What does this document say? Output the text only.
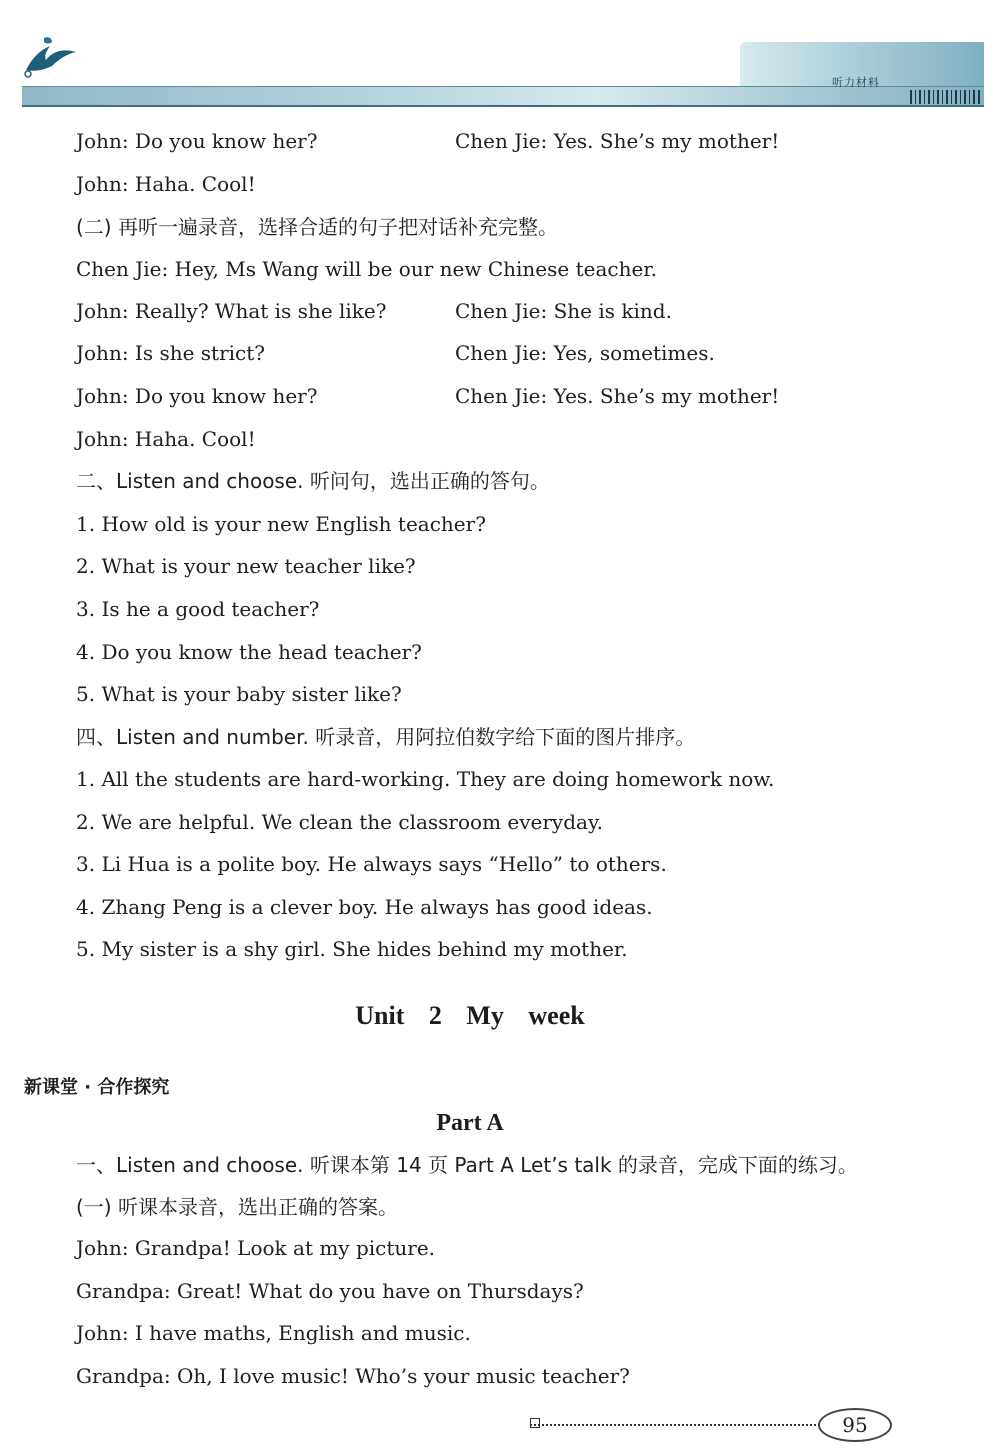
听力材料
John: Do you know her?	Chen Jie: Yes. She’s my mother!
John: Haha. Cool!
(二) 再听一遍录音，选择合适的句子把对话补充完整。
Chen Jie: Hey, Ms Wang will be our new Chinese teacher.
John: Really? What is she like?	Chen Jie: She is kind.
John: Is she strict?	Chen Jie: Yes, sometimes.
John: Do you know her?	Chen Jie: Yes. She’s my mother!
John: Haha. Cool!
二、Listen and choose. 听问句，选出正确的答句。
1. How old is your new English teacher?
2. What is your new teacher like?
3. Is he a good teacher?
4. Do you know the head teacher?
5. What is your baby sister like?
四、Listen and number. 听录音，用阿拉伯数字给下面的图片排序。
1. All the students are hard-working. They are doing homework now.
2. We are helpful. We clean the classroom everyday.
3. Li Hua is a polite boy. He always says “Hello” to others.
4. Zhang Peng is a clever boy. He always has good ideas.
5. My sister is a shy girl. She hides behind my mother.
一、Listen and choose. 听课本第 14 页 Part A Let’s talk 的录音，完成下面的练习。
(一) 听课本录音，选出正确的答案。
John: Grandpa! Look at my picture.
Grandpa: Great! What do you have on Thursdays?
John: I have maths, English and music.
Grandpa: Oh, I love music! Who’s your music teacher?
Unit 2 My week
新课堂 · 合作探究
Part A
95
